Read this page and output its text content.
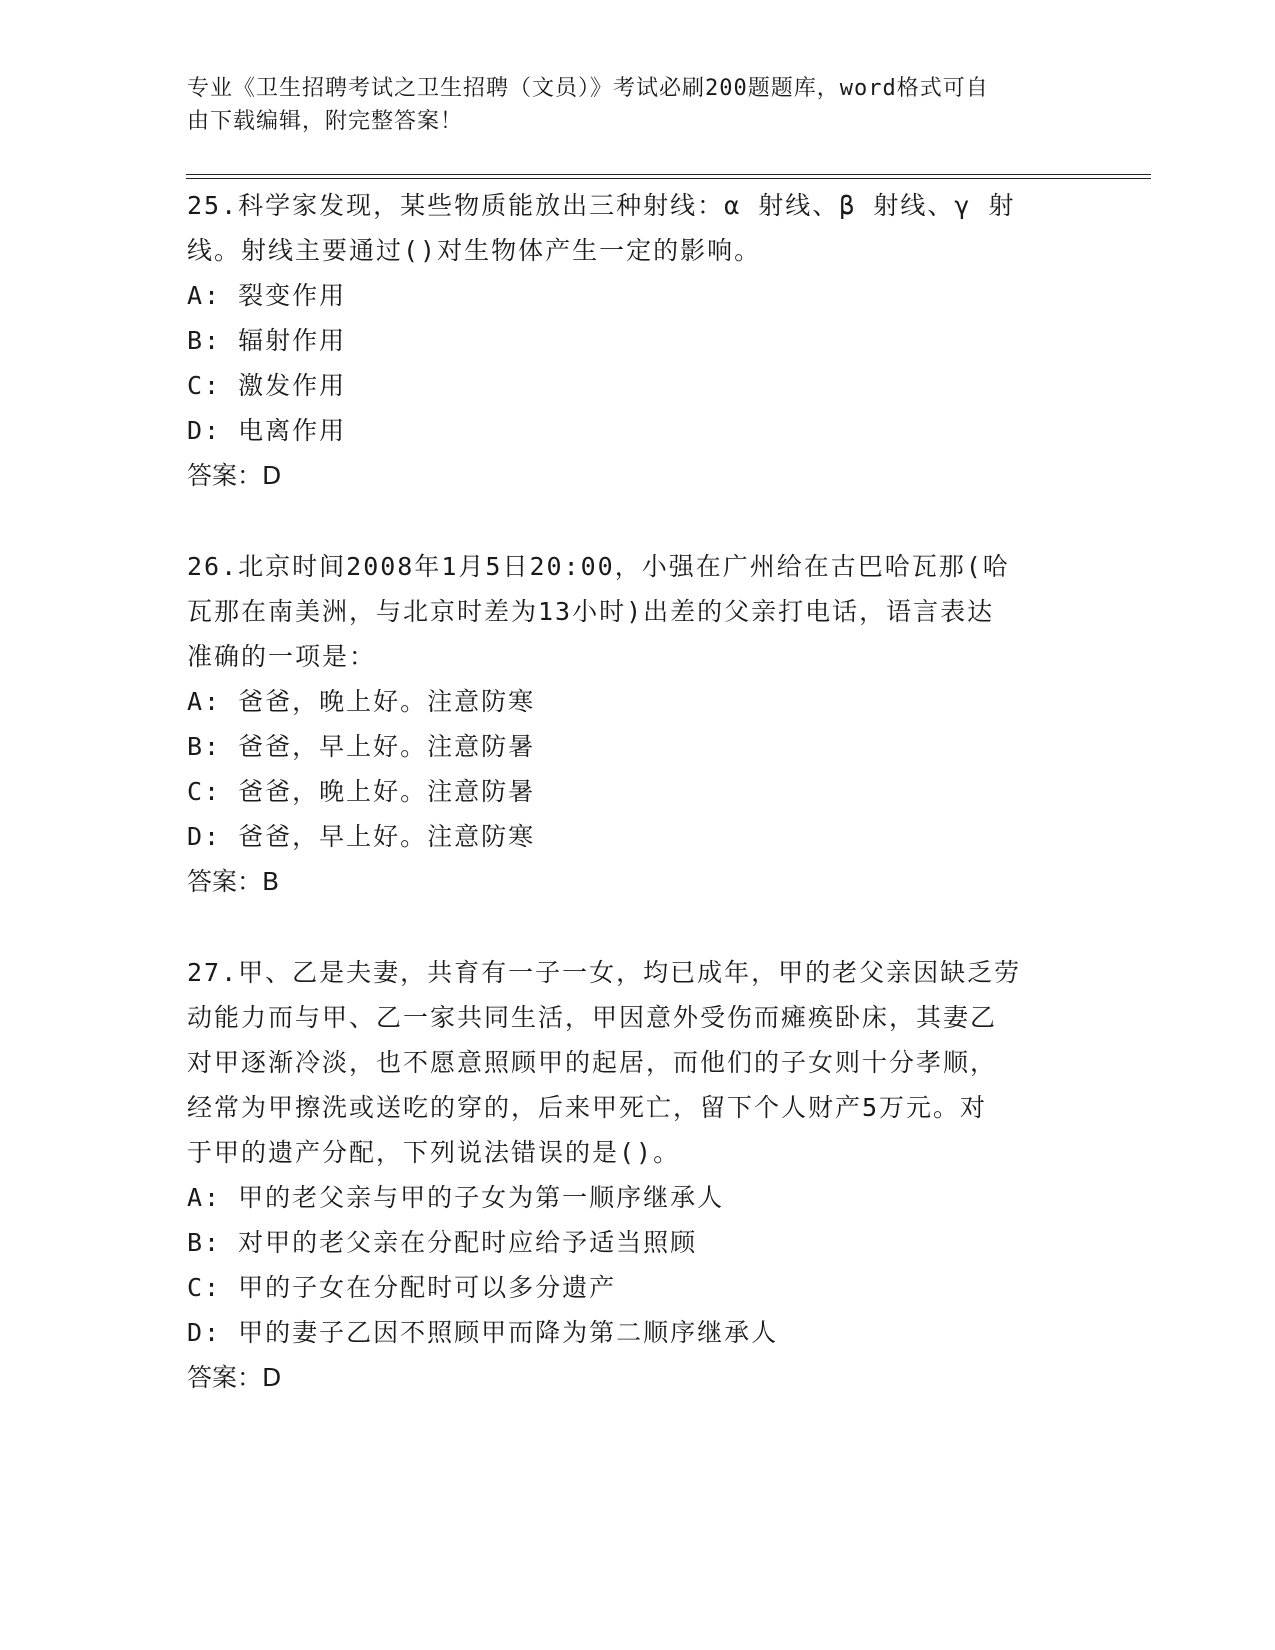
专业《卫生招聘考试之卫生招聘（文员）》考试必刷200题题库，word格式可自
由下载编辑，附完整答案！
25.科学家发现，某些物质能放出三种射线：α 射线、β 射线、γ 射
线。射线主要通过()对生物体产生一定的影响。
A: 裂变作用
B: 辐射作用
C: 激发作用
D: 电离作用
答案：D
26.北京时间2008年1月5日20:00，小强在广州给在古巴哈瓦那(哈
瓦那在南美洲，与北京时差为13小时)出差的父亲打电话，语言表达
准确的一项是：
A: 爸爸，晚上好。注意防寒
B: 爸爸，早上好。注意防暑
C: 爸爸，晚上好。注意防暑
D: 爸爸，早上好。注意防寒
答案：B
27.甲、乙是夫妻，共育有一子一女，均已成年，甲的老父亲因缺乏劳
动能力而与甲、乙一家共同生活，甲因意外受伤而瘫痪卧床，其妻乙
对甲逐渐冷淡，也不愿意照顾甲的起居，而他们的子女则十分孝顺，
经常为甲擦洗或送吃的穿的，后来甲死亡，留下个人财产5万元。对
于甲的遗产分配，下列说法错误的是()。
A: 甲的老父亲与甲的子女为第一顺序继承人
B: 对甲的老父亲在分配时应给予适当照顾
C: 甲的子女在分配时可以多分遗产
D: 甲的妻子乙因不照顾甲而降为第二顺序继承人
答案：D
